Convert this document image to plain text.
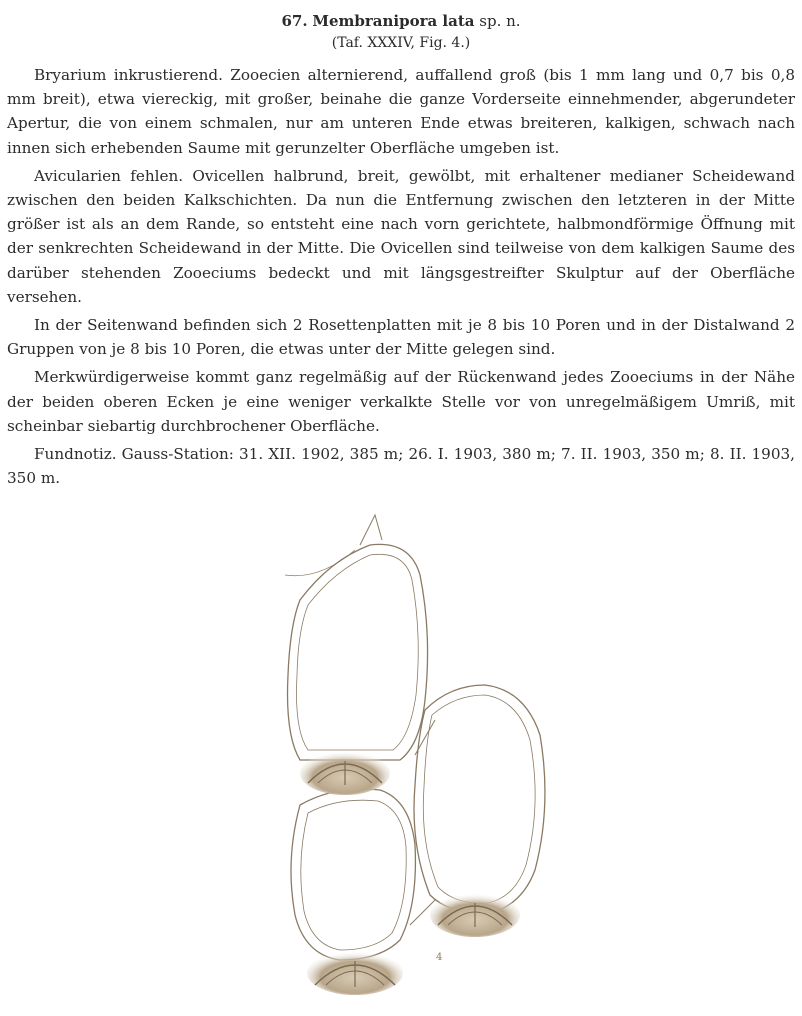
67. Membranipora lata sp. n.
(Taf. XXXIV, Fig. 4.)

Bryarium inkrustierend. Zooecien alternierend, auffallend groß (bis 1 mm lang und 0,7 bis 0,8 mm breit), etwa viereckig, mit großer, beinahe die ganze Vorderseite einnehmender, abgerundeter Apertur, die von einem schmalen, nur am unteren Ende etwas breiteren, kalkigen, schwach nach innen sich erhebenden Saume mit gerunzelter Oberfläche umgeben ist.

Avicularien fehlen. Ovicellen halbrund, breit, gewölbt, mit erhaltener medianer Scheidewand zwischen den beiden Kalkschichten. Da nun die Entfernung zwischen den letzteren in der Mitte größer ist als an dem Rande, so entsteht eine nach vorn gerichtete, halbmondförmige Öffnung mit der senkrechten Scheidewand in der Mitte. Die Ovicellen sind teilweise von dem kalkigen Saume des darüber stehenden Zooeciums bedeckt und mit längsgestreifter Skulptur auf der Oberfläche versehen.

In der Seitenwand befinden sich 2 Rosettenplatten mit je 8 bis 10 Poren und in der Distalwand 2 Gruppen von je 8 bis 10 Poren, die etwas unter der Mitte gelegen sind.

Merkwürdigerweise kommt ganz regelmäßig auf der Rückenwand jedes Zooeciums in der Nähe der beiden oberen Ecken je eine weniger verkalkte Stelle vor von unregelmäßigem Umriß, mit scheinbar siebartig durchbrochener Oberfläche.

Fundnotiz. Gauss-Station: 31. XII. 1902, 385 m; 26. I. 1903, 380 m; 7. II. 1903, 350 m; 8. II. 1903, 350 m.

4
